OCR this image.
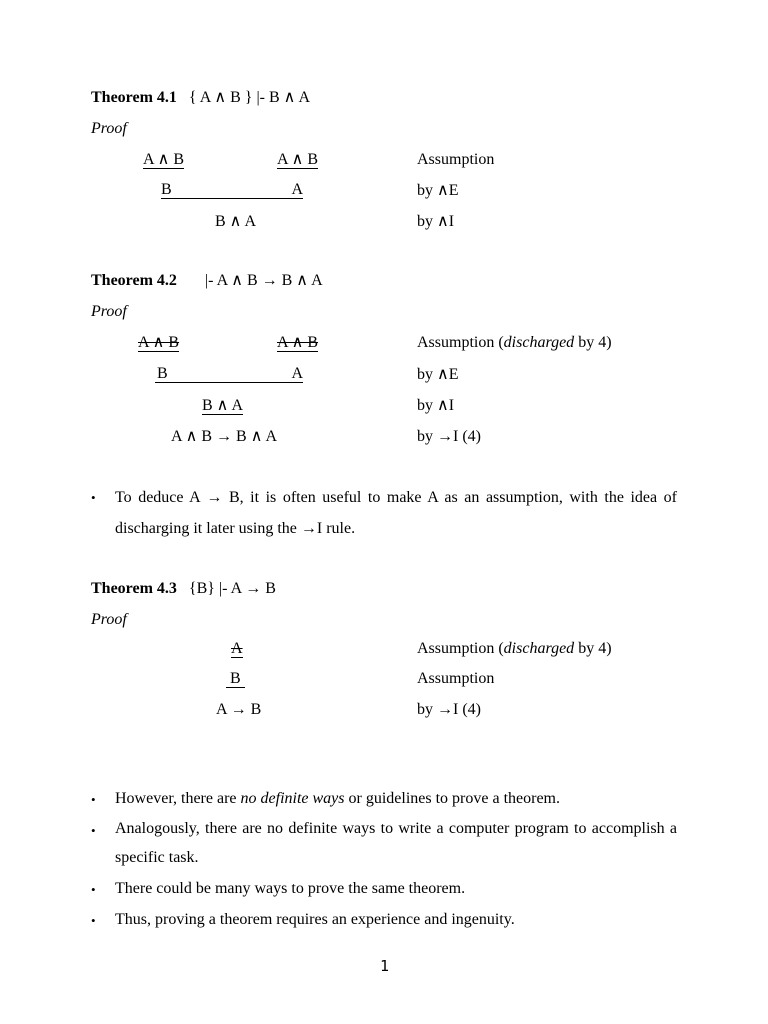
Theorem 4.1 { A ∧ B } |- B ∧ A
Proof
A ∧ B	A ∧ B	Assumption
B	A	by ∧E
B ∧ A	by ∧I
Theorem 4.2 |- A ∧ B → B ∧ A
Proof
A ∧ B	A ∧ B	Assumption (discharged by 4)
B	A	by ∧E
B ∧ A	by ∧I
A ∧ B → B ∧ A	by →I (4)
• To deduce A → B, it is often useful to make A as an assumption, with the idea of discharging it later using the →I rule.
Theorem 4.3 {B} |- A → B
Proof
A	Assumption (discharged by 4)
B	Assumption
A → B	by →I (4)
• However, there are no definite ways or guidelines to prove a theorem.
• Analogously, there are no definite ways to write a computer program to accomplish a specific task.
• There could be many ways to prove the same theorem.
• Thus, proving a theorem requires an experience and ingenuity.
1
